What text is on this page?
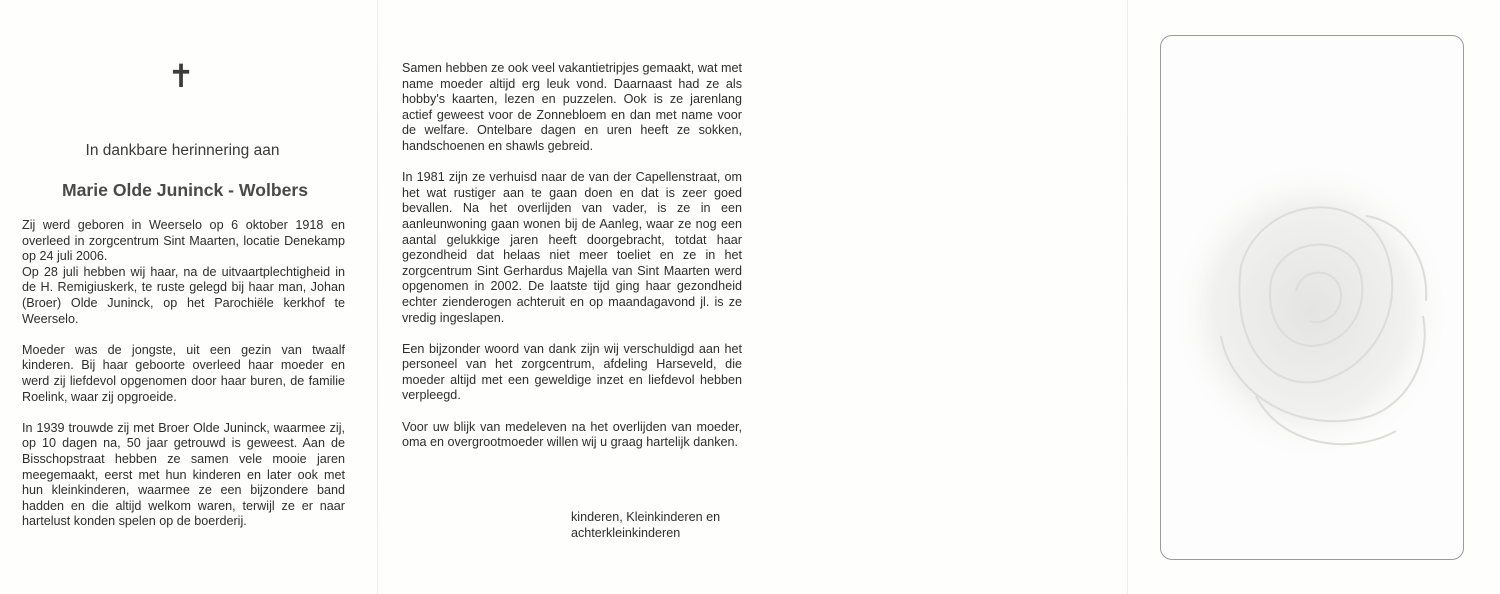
✝
In dankbare herinnering aan
Marie Olde Juninck - Wolbers

Zij werd geboren in Weerselo op 6 oktober 1918 en overleed in zorgcentrum Sint Maarten, locatie Denekamp op 24 juli 2006.
Op 28 juli hebben wij haar, na de uitvaartplechtigheid in de H. Remigiuskerk, te ruste gelegd bij haar man, Johan (Broer) Olde Juninck, op het Parochiële kerkhof te Weerselo.

Moeder was de jongste, uit een gezin van twaalf kinderen. Bij haar geboorte overleed haar moeder en werd zij liefdevol opgenomen door haar buren, de familie Roelink, waar zij opgroeide.

In 1939 trouwde zij met Broer Olde Juninck, waarmee zij, op 10 dagen na, 50 jaar getrouwd is geweest. Aan de Bisschopstraat hebben ze samen vele mooie jaren meegemaakt, eerst met hun kinderen en later ook met hun kleinkinderen, waarmee ze een bijzondere band hadden en die altijd welkom waren, terwijl ze er naar hartelust konden spelen op de boerderij.

Samen hebben ze ook veel vakantietripjes gemaakt, wat met name moeder altijd erg leuk vond. Daarnaast had ze als hobby's kaarten, lezen en puzzelen. Ook is ze jarenlang actief geweest voor de Zonnebloem en dan met name voor de welfare. Ontelbare dagen en uren heeft ze sokken, handschoenen en shawls gebreid.

In 1981 zijn ze verhuisd naar de van der Capellenstraat, om het wat rustiger aan te gaan doen en dat is zeer goed bevallen. Na het overlijden van vader, is ze in een aanleunwoning gaan wonen bij de Aanleg, waar ze nog een aantal gelukkige jaren heeft doorgebracht, totdat haar gezondheid dat helaas niet meer toeliet en ze in het zorgcentrum Sint Gerhardus Majella van Sint Maarten werd opgenomen in 2002. De laatste tijd ging haar gezondheid echter zienderogen achteruit en op maandagavond jl. is ze vredig ingeslapen.

Een bijzonder woord van dank zijn wij verschuldigd aan het personeel van het zorgcentrum, afdeling Harseveld, die moeder altijd met een geweldige inzet en liefdevol hebben verpleegd.

Voor uw blijk van medeleven na het overlijden van moeder, oma en overgrootmoeder willen wij u graag hartelijk danken.

kinderen, Kleinkinderen en
achterkleinkinderen
